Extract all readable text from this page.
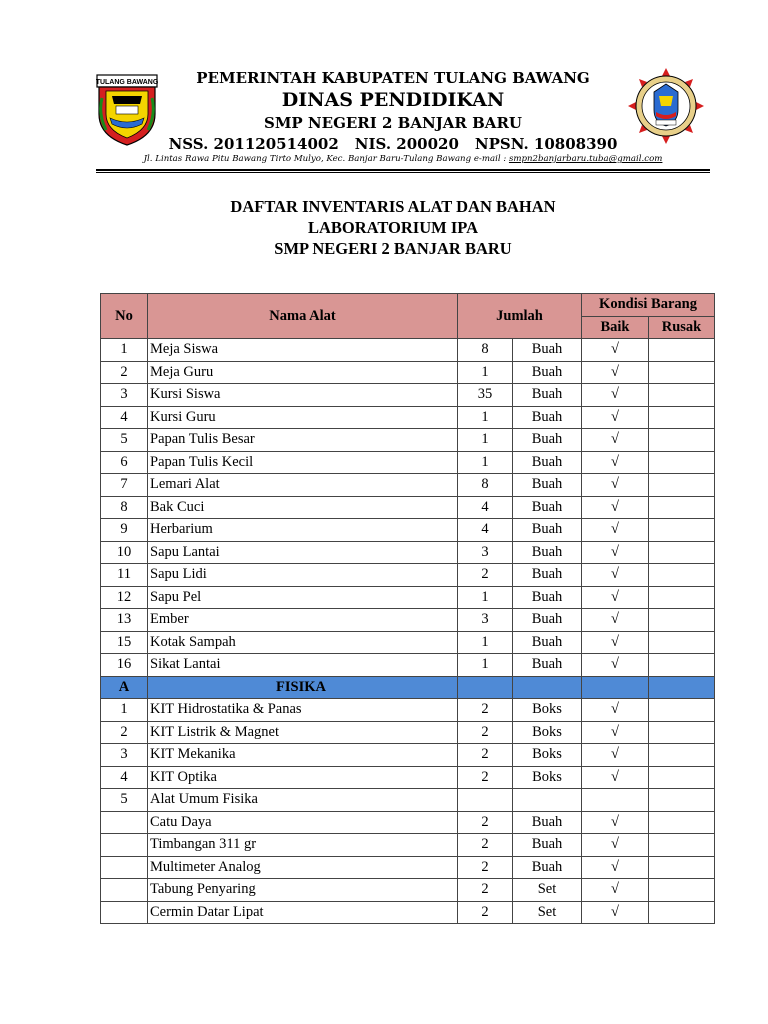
TULANG BAWANG	PEMERINTAH KABUPATEN TULANG BAWANG
DINAS PENDIDIKAN
SMP NEGERI 2 BANJAR BARU
NSS. 201120514002 NIS. 200020 NPSN. 10808390
Jl. Lintas Rawa Pitu Bawang Tirto Mulyo, Kec. Banjar Baru-Tulang Bawang e-mail : smpn2banjarbaru.tuba@gmail.com
DAFTAR INVENTARIS ALAT DAN BAHAN
LABORATORIUM IPA
SMP NEGERI 2 BANJAR BARU
No	Nama Alat	Jumlah		Kondisi Barang	
				Baik	Rusak
1	Meja Siswa	8	Buah	√	
2	Meja Guru	1	Buah	√	
3	Kursi Siswa	35	Buah	√	
4	Kursi Guru	1	Buah	√	
5	Papan Tulis Besar	1	Buah	√	
6	Papan Tulis Kecil	1	Buah	√	
7	Lemari Alat	8	Buah	√	
8	Bak Cuci	4	Buah	√	
9	Herbarium	4	Buah	√	
10	Sapu Lantai	3	Buah	√	
11	Sapu Lidi	2	Buah	√	
12	Sapu Pel	1	Buah	√	
13	Ember	3	Buah	√	
15	Kotak Sampah	1	Buah	√	
16	Sikat Lantai	1	Buah	√	
A	FISIKA				
1	KIT Hidrostatika & Panas	2	Boks	√	
2	KIT Listrik & Magnet	2	Boks	√	
3	KIT Mekanika	2	Boks	√	
4	KIT Optika	2	Boks	√	
5	Alat Umum Fisika				
	Catu Daya	2	Buah	√	
	Timbangan 311 gr	2	Buah	√	
	Multimeter Analog	2	Buah	√	
	Tabung Penyaring	2	Set	√	
	Cermin Datar Lipat	2	Set	√	
